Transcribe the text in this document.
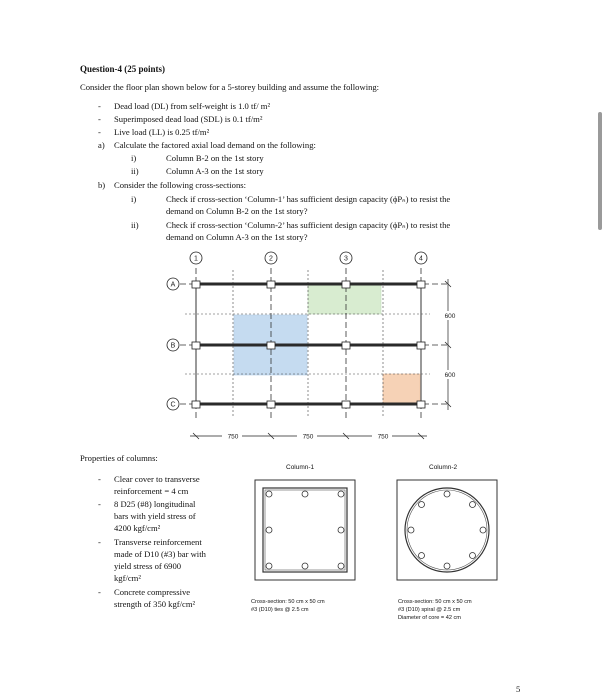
Question-4 (25 points)
Consider the floor plan shown below for a 5-storey building and assume the following:
- Dead load (DL) from self-weight is 1.0 tf/ m²
- Superimposed dead load (SDL) is 0.1 tf/m²
- Live load (LL) is 0.25 tf/m²
a) Calculate the factored axial load demand on the following:
i)	Column B-2 on the 1st story
ii)	Column A-3 on the 1st story
b) Consider the following cross-sections:
i)	Check if cross-section ‘Column-1’ has sufficient design capacity (ϕPₙ) to resist the
demand on Column B-2 on the 1st story?
ii)	Check if cross-section ‘Column-2’ has sufficient design capacity (ϕPₙ) to resist the
demand on Column A-3 on the 1st story?
1	2	3	4
A
B
C
750	750	750
600
600
Properties of columns:
- Clear cover to transverse
reinforcement = 4 cm
- 8 D25 (#8) longitudinal
bars with yield stress of
4200 kgf/cm²
- Transverse reinforcement
made of D10 (#3) bar with
yield stress of 6900
kgf/cm²
- Concrete compressive
strength of 350 kgf/cm²
Column-1
Cross-section: 50 cm x 50 cm
#3 (D10) ties @ 2.5 cm
Column-2
Cross-section: 50 cm x 50 cm
#3 (D10) spiral @ 2.5 cm
Diameter of core = 42 cm
5
